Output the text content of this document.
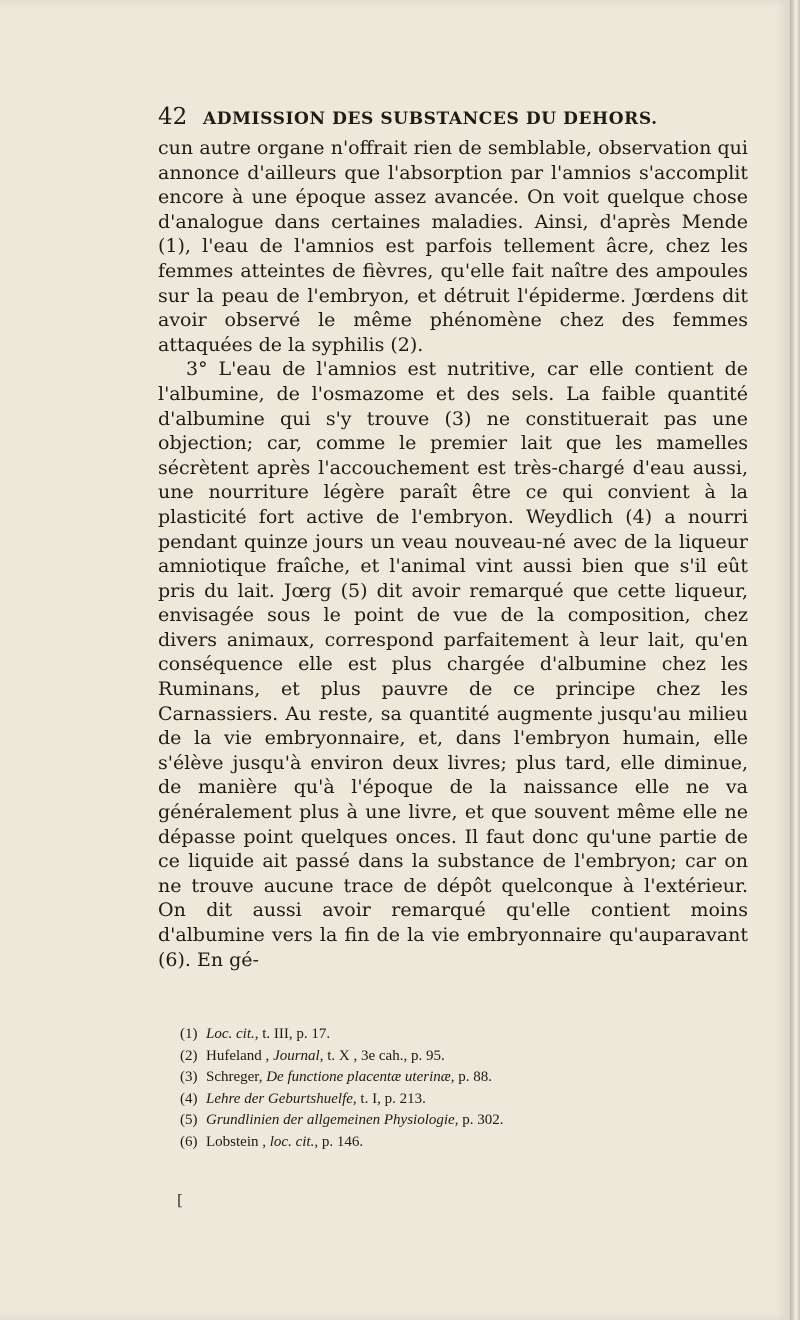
42 ADMISSION DES SUBSTANCES DU DEHORS.

cun autre organe n'offrait rien de semblable, observation qui annonce d'ailleurs que l'absorption par l'amnios s'accomplit encore à une époque assez avancée. On voit quelque chose d'analogue dans certaines maladies. Ainsi, d'après Mende (1), l'eau de l'amnios est parfois tellement âcre, chez les femmes atteintes de fièvres, qu'elle fait naître des ampoules sur la peau de l'embryon, et détruit l'épiderme. Jœrdens dit avoir observé le même phénomène chez des femmes attaquées de la syphilis (2).

3° L'eau de l'amnios est nutritive, car elle contient de l'albumine, de l'osmazome et des sels. La faible quantité d'albumine qui s'y trouve (3) ne constituerait pas une objection; car, comme le premier lait que les mamelles sécrètent après l'accouchement est très-chargé d'eau aussi, une nourriture légère paraît être ce qui convient à la plasticité fort active de l'embryon. Weydlich (4) a nourri pendant quinze jours un veau nouveau-né avec de la liqueur amniotique fraîche, et l'animal vint aussi bien que s'il eût pris du lait. Jœrg (5) dit avoir remarqué que cette liqueur, envisagée sous le point de vue de la composition, chez divers animaux, correspond parfaitement à leur lait, qu'en conséquence elle est plus chargée d'albumine chez les Ruminans, et plus pauvre de ce principe chez les Carnassiers. Au reste, sa quantité augmente jusqu'au milieu de la vie embryonnaire, et, dans l'embryon humain, elle s'élève jusqu'à environ deux livres; plus tard, elle diminue, de manière qu'à l'époque de la naissance elle ne va généralement plus à une livre, et que souvent même elle ne dépasse point quelques onces. Il faut donc qu'une partie de ce liquide ait passé dans la substance de l'embryon; car on ne trouve aucune trace de dépôt quelconque à l'extérieur. On dit aussi avoir remarqué qu'elle contient moins d'albumine vers la fin de la vie embryonnaire qu'auparavant (6). En gé-

(1) Loc. cit., t. III, p. 17.

(2) Hufeland , Journal, t. X , 3e cah., p. 95.

(3) Schreger, De functione placentæ uterinæ, p. 88.

(4) Lehre der Geburtshuelfe, t. I, p. 213.

(5) Grundlinien der allgemeinen Physiologie, p. 302.

(6) Lobstein , loc. cit., p. 146.

[
